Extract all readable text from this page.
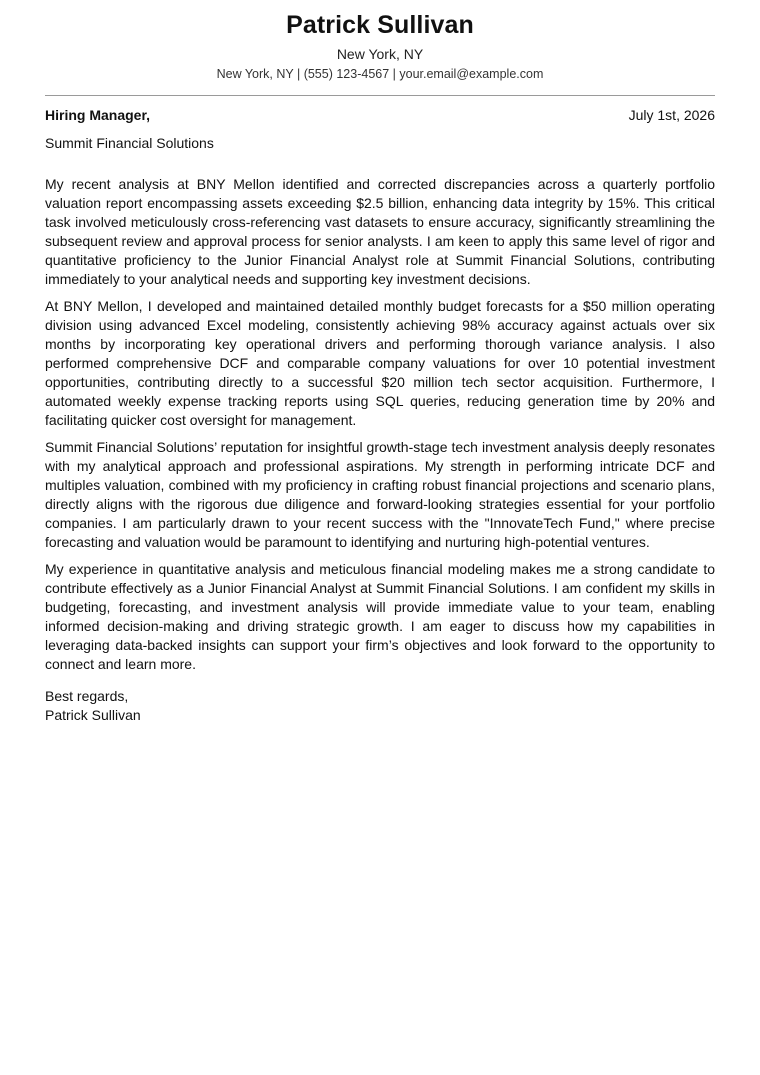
Patrick Sullivan
New York, NY
New York, NY | (555) 123-4567 | your.email@example.com
Hiring Manager,	July 1st, 2026
Summit Financial Solutions

My recent analysis at BNY Mellon identified and corrected discrepancies across a quarterly portfolio valuation report encompassing assets exceeding $2.5 billion, enhancing data integrity by 15%. This critical task involved meticulously cross-referencing vast datasets to ensure accuracy, significantly streamlining the subsequent review and approval process for senior analysts. I am keen to apply this same level of rigor and quantitative proficiency to the Junior Financial Analyst role at Summit Financial Solutions, contributing immediately to your analytical needs and supporting key investment decisions.

At BNY Mellon, I developed and maintained detailed monthly budget forecasts for a $50 million operating division using advanced Excel modeling, consistently achieving 98% accuracy against actuals over six months by incorporating key operational drivers and performing thorough variance analysis. I also performed comprehensive DCF and comparable company valuations for over 10 potential investment opportunities, contributing directly to a successful $20 million tech sector acquisition. Furthermore, I automated weekly expense tracking reports using SQL queries, reducing generation time by 20% and facilitating quicker cost oversight for management.

Summit Financial Solutions’ reputation for insightful growth-stage tech investment analysis deeply resonates with my analytical approach and professional aspirations. My strength in performing intricate DCF and multiples valuation, combined with my proficiency in crafting robust financial projections and scenario plans, directly aligns with the rigorous due diligence and forward-looking strategies essential for your portfolio companies. I am particularly drawn to your recent success with the "InnovateTech Fund," where precise forecasting and valuation would be paramount to identifying and nurturing high-potential ventures.

My experience in quantitative analysis and meticulous financial modeling makes me a strong candidate to contribute effectively as a Junior Financial Analyst at Summit Financial Solutions. I am confident my skills in budgeting, forecasting, and investment analysis will provide immediate value to your team, enabling informed decision-making and driving strategic growth. I am eager to discuss how my capabilities in leveraging data-backed insights can support your firm’s objectives and look forward to the opportunity to connect and learn more.

Best regards,
Patrick Sullivan
